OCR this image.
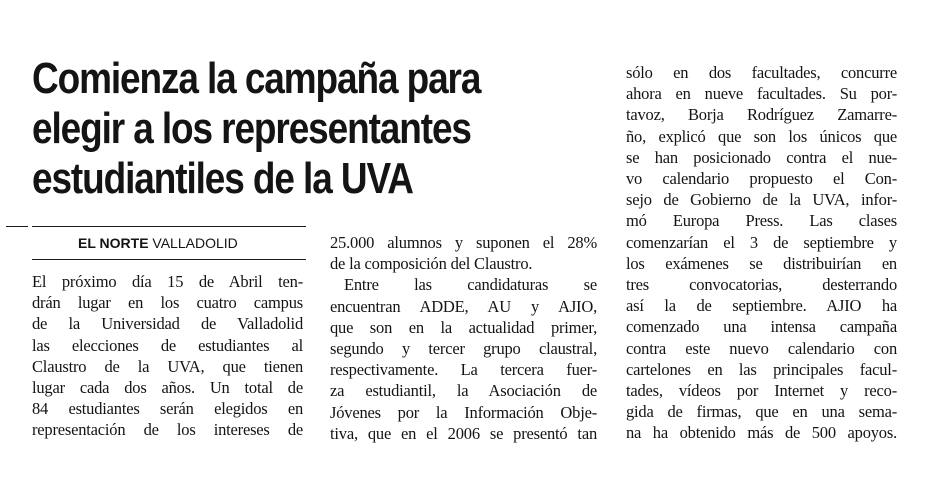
Comienza la campaña para
elegir a los representantes
estudiantiles de la UVA
EL NORTE VALLADOLID
El próximo día 15 de Abril ten-
drán lugar en los cuatro campus
de la Universidad de Valladolid
las elecciones de estudiantes al
Claustro de la UVA, que tienen
lugar cada dos años. Un total de
84 estudiantes serán elegidos en
representación de los intereses de
25.000 alumnos y suponen el 28%
de la composición del Claustro.
Entre las candidaturas se
encuentran ADDE, AU y AJIO,
que son en la actualidad primer,
segundo y tercer grupo claustral,
respectivamente. La tercera fuer-
za estudiantil, la Asociación de
Jóvenes por la Información Obje-
tiva, que en el 2006 se presentó tan
sólo en dos facultades, concurre
ahora en nueve facultades. Su por-
tavoz, Borja Rodríguez Zamarre-
ño, explicó que son los únicos que
se han posicionado contra el nue-
vo calendario propuesto el Con-
sejo de Gobierno de la UVA, infor-
mó Europa Press. Las clases
comenzarían el 3 de septiembre y
los exámenes se distribuirían en
tres convocatorias, desterrando
así la de septiembre. AJIO ha
comenzado una intensa campaña
contra este nuevo calendario con
cartelones en las principales facul-
tades, vídeos por Internet y reco-
gida de firmas, que en una sema-
na ha obtenido más de 500 apoyos.
